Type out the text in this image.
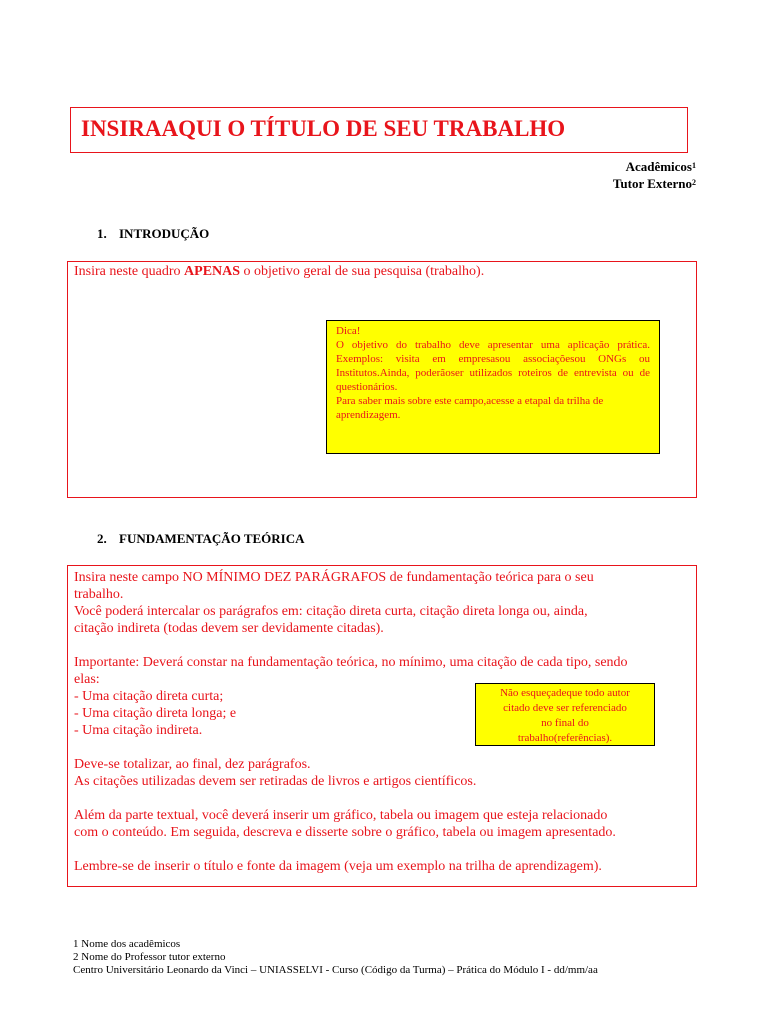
INSIRAAQUI O TÍTULO DE SEU TRABALHO
Acadêmicos$^1$
Tutor Externo$^2$
1. INTRODUÇÃO

Insira neste quadro APENAS o objetivo geral de sua pesquisa (trabalho).

Dica!
O objetivo do trabalho deve apresentar uma aplicação prática. Exemplos: visita em empresasou associaçõesou ONGs ou Institutos.Ainda, poderãoser utilizados roteiros de entrevista ou de questionários.
Para saber mais sobre este campo,acesse a etapal da trilha de aprendizagem.
2. FUNDAMENTAÇÃO TEÓRICA

Insira neste campo NO MÍNIMO DEZ PARÁGRAFOS de fundamentação teórica para o seu

trabalho.

Você poderá intercalar os parágrafos em: citação direta curta, citação direta longa ou, ainda,

citação indireta (todas devem ser devidamente citadas).

Importante: Deverá constar na fundamentação teórica, no mínimo, uma citação de cada tipo, sendo

elas:

- Uma citação direta curta;

- Uma citação direta longa; e

- Uma citação indireta.

Deve-se totalizar, ao final, dez parágrafos.

As citações utilizadas devem ser retiradas de livros e artigos científicos.

Além da parte textual, você deverá inserir um gráfico, tabela ou imagem que esteja relacionado

com o conteúdo. Em seguida, descreva e disserte sobre o gráfico, tabela ou imagem apresentado.

Lembre-se de inserir o título e fonte da imagem (veja um exemplo na trilha de aprendizagem).

Não esqueçadeque todo autor
citado deve ser referenciado
no final do
trabalho(referências).
1 Nome dos acadêmicos
2 Nome do Professor tutor externo
Centro Universitário Leonardo da Vinci – UNIASSELVI - Curso (Código da Turma) – Prática do Módulo I - dd/mm/aa
